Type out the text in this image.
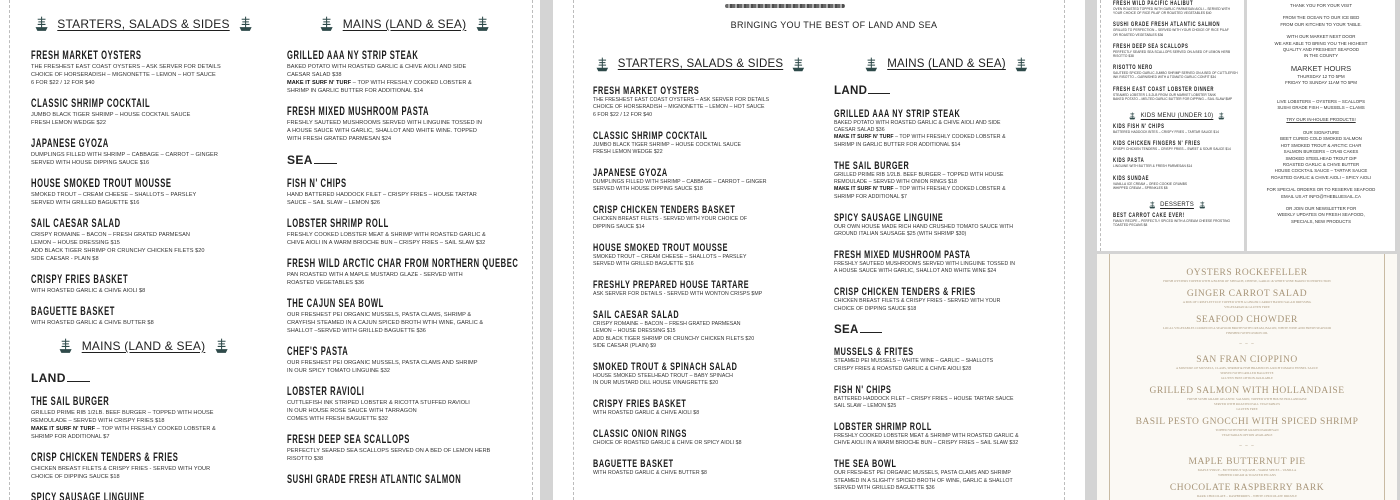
STARTERS, SALADS & SIDES
FRESH MARKET OYSTERS
THE FRESHEST EAST COAST OYSTERS – ASK SERVER FOR DETAILS
CHOICE OF HORSERADISH – MIGNONETTE – LEMON – HOT SAUCE
6 FOR $22 / 12 FOR $40
CLASSIC SHRIMP COCKTAIL
JUMBO BLACK TIGER SHRIMP – HOUSE COCKTAIL SAUCE
FRESH LEMON WEDGE $22
JAPANESE GYOZA
DUMPLINGS FILLED WITH SHRIMP – CABBAGE – CARROT – GINGER
SERVED WITH HOUSE DIPPING SAUCE $16
HOUSE SMOKED TROUT MOUSSE
SMOKED TROUT – CREAM CHEESE – SHALLOTS – PARSLEY
SERVED WITH GRILLED BAGUETTE $16
SAIL CAESAR SALAD
CRISPY ROMAINE – BACON – FRESH GRATED PARMESAN
LEMON – HOUSE DRESSING $15
ADD BLACK TIGER SHRIMP OR CRUNCHY CHICKEN FILETS $20
SIDE CAESAR - PLAIN $8
CRISPY FRIES BASKET
WITH ROASTED GARLIC & CHIVE AIOLI $8
BAGUETTE BASKET
WITH ROASTED GARLIC & CHIVE BUTTER $8
MAINS (LAND & SEA)
LAND
THE SAIL BURGER
GRILLED PRIME RIB 1/2LB. BEEF BURGER – TOPPED WITH HOUSE
REMOULADE – SERVED WITH CRISPY FRIES $18
MAKE IT SURF N' TURF – TOP WITH FRESHLY COOKED LOBSTER &
SHRIMP FOR ADDITIONAL $7
CRISP CHICKEN TENDERS & FRIES
CHICKEN BREAST FILETS & CRISPY FRIES - SERVED WITH YOUR
CHOICE OF DIPPING SAUCE $18
SPICY SAUSAGE LINGUINE
MAINS (LAND & SEA)
GRILLED AAA NY STRIP STEAK
BAKED POTATO WITH ROASTED GARLIC & CHIVE AIOLI AND SIDE
CAESAR SALAD $38
MAKE IT SURF N' TURF – TOP WITH FRESHLY COOKED LOBSTER &
SHRIMP IN GARLIC BUTTER FOR ADDITIONAL $14
FRESH MIXED MUSHROOM PASTA
FRESHLY SAUTEED MUSHROOMS SERVED WITH LINGUINE TOSSED IN
A HOUSE SAUCE WITH GARLIC, SHALLOT AND WHITE WINE. TOPPED
WITH FRESH GRATED PARMESAN $24
SEA
FISH N' CHIPS
HAND BATTERED HADDOCK FILET – CRISPY FRIES – HOUSE TARTAR
SAUCE – SAIL SLAW – LEMON $26
LOBSTER SHRIMP ROLL
FRESHLY COOKED LOBSTER MEAT & SHRIMP WITH ROASTED GARLIC &
CHIVE AIOLI IN A WARM BRIOCHE BUN – CRISPY FRIES – SAIL SLAW $32
FRESH WILD ARCTIC CHAR FROM NORTHERN QUEBEC
PAN ROASTED WITH A MAPLE MUSTARD GLAZE - SERVED WITH
ROASTED VEGETABLES $36
THE CAJUN SEA BOWL
OUR FRESHEST PEI ORGANIC MUSSELS, PASTA CLAMS, SHRIMP &
CRAYFISH STEAMED IN A CAJUN SPICED BROTH WTIH WINE, GARLIC &
SHALLOT –SERVED WITH GRILLED BAGUETTE $36
CHEF'S PASTA
OUR FRESHEST PEI ORGANIC MUSSELS, PASTA CLAMS AND SHRIMP
IN OUR SPICY TOMATO LINGUINE $32
LOBSTER RAVIOLI
CUTTLEFISH INK STRIPED LOBSTER & RICOTTA STUFFED RAVIOLI
IN OUR HOUSE ROSE SAUCE WITH TARRAGON
COMES WITH FRESH BAGUETTE $32
FRESH DEEP SEA SCALLOPS
PERFECTLY SEARED SEA SCALLOPS SERVED ON A BED OF LEMON HERB
RISOTTO $38
SUSHI GRADE FRESH ATLANTIC SALMON
BRINGING YOU THE BEST OF LAND AND SEA
STARTERS, SALADS & SIDES
FRESH MARKET OYSTERS
THE FRESHEST EAST COAST OYSTERS – ASK SERVER FOR DETAILS
CHOICE OF HORSERADISH – MIGNONETTE – LEMON – HOT SAUCE
6 FOR $22 / 12 FOR $40
CLASSIC SHRIMP COCKTAIL
JUMBO BLACK TIGER SHRIMP – HOUSE COCKTAIL SAUCE
FRESH LEMON WEDGE $22
JAPANESE GYOZA
DUMPLINGS FILLED WITH SHRIMP – CABBAGE – CARROT – GINGER
SERVED WITH HOUSE DIPPING SAUCE $18
CRISP CHICKEN TENDERS BASKET
CHICKEN BREAST FILETS - SERVED WITH YOUR CHOICE OF
DIPPING SAUCE $14
HOUSE SMOKED TROUT MOUSSE
SMOKED TROUT – CREAM CHEESE – SHALLOTS – PARSLEY
SERVED WITH GRILLED BAGUETTE $16
FRESHLY PREPARED HOUSE TARTARE
ASK SERVER FOR DETAILS - SERVED WITH WONTON CRISPS $MP
SAIL CAESAR SALAD
CRISPY ROMAINE – BACON – FRESH GRATED PARMESAN
LEMON – HOUSE DRESSING $15
ADD BLACK TIGER SHRIMP OR CRUNCHY CHICKEN FILETS $20
SIDE CAESAR (PLAIN) $9
SMOKED TROUT & SPINACH SALAD
HOUSE SMOKED STEELHEAD TROUT – BABY SPINACH
IN OUR MUSTARD DILL HOUSE VINAIGRETTE $20
CRISPY FRIES BASKET
WITH ROASTED GARLIC & CHIVE AIOLI $8
CLASSIC ONION RINGS
CHOICE OF ROASTED GARLIC & CHIVE OR SPICY AIOLI $8
BAGUETTE BASKET
WITH ROASTED GARLIC & CHIVE BUTTER $8
MAINS (LAND & SEA)
LAND
GRILLED AAA NY STRIP STEAK
BAKED POTATO WITH ROASTED GARLIC & CHIVE AIOLI AND SIDE
CAESAR SALAD $36
MAKE IT SURF N' TURF – TOP WITH FRESHLY COOKED LOBSTER &
SHRIMP IN GARLIC BUTTER FOR ADDITIONAL $14
THE SAIL BURGER
GRILLED PRIME RIB 1/2LB. BEEF BURGER – TOPPED WITH HOUSE
REMOULADE – SERVED WITH ONION RINGS $18
MAKE IT SURF N' TURF – TOP WITH FRESHLY COOKED LOBSTER &
SHRIMP FOR ADDITIONAL $7
SPICY SAUSAGE LINGUINE
OUR OWN HOUSE MADE RICH HAND CRUSHED TOMATO SAUCE WITH
GROUND ITALIAN SAUSAGE $25 (WITH SHRIMP $30)
FRESH MIXED MUSHROOM PASTA
FRESHLY SAUTEED MUSHROOMS SERVED WITH LINGUINE TOSSED IN
A HOUSE SAUCE WITH GARLIC, SHALLOT AND WHITE WINE $24
CRISP CHICKEN TENDERS & FRIES
CHICKEN BREAST FILETS & CRISPY FRIES - SERVED WITH YOUR
CHOICE OF DIPPING SAUCE $18
SEA
MUSSELS & FRITES
STEAMED PEI MUSSELS – WHITE WINE – GARLIC – SHALLOTS
CRISPY FRIES & ROASTED GARLIC & CHIVE AIOLI $28
FISH N' CHIPS
BATTERED HADDOCK FILET – CRISPY FRIES – HOUSE TARTAR SAUCE
SAIL SLAW – LEMON $25
LOBSTER SHRIMP ROLL
FRESHLY COOKED LOBSTER MEAT & SHRIMP WITH ROASTED GARLIC &
CHIVE AIOLI IN A WARM BRIOCHE BUN – CRISPY FRIES – SAIL SLAW $32
THE SEA BOWL
OUR FRESHEST PEI ORGANIC MUSSELS, PASTA CLAMS AND SHRIMP
STEAMED IN A SLIGHTY SPICED BROTH OF WINE, GARLIC & SHALLOT
SERVED WITH GRILLED BAGUETTE $36
FRESH WILD PACIFIC HALIBUT
OVEN ROASTED TOPPED WITH GARLIC PARMESAN AIOLI – SERVED WITH
YOUR CHOICE OF RICE PILAF OR ROASTED VEGETABLES $40
SUSHI GRADE FRESH ATLANTIC SALMON
GRILLED TO PERFECTION – SERVED WITH YOUR CHOICE OF RICE PILAF
OR ROASTED VEGETABLES $36
FRESH DEEP SEA SCALLOPS
PERFECTLY SEARED SEA SCALLOPS SERVED ON A BED OF LEMON HERB
RISOTTO $38
RISOTTO NERO
SAUTEED SPICED GARLIC JUMBO SHRIMP SERVED ON A BED OF CUTTLEFISH
INK RISOTTO – GARNISHED WITH A TOMATO GARLIC CONFIT $34
FRESH EAST COAST LOBSTER DINNER
STEAMED LOBSTER 1.5-2LB FROM OUR MARKET LOBSTER TANK
BAKED POTATO – MELTED GARLIC BUTTER FOR DIPPING – SAIL SLAW $MP
KIDS MENU (UNDER 10)
KIDS FISH N' CHIPS
BATTERED HADDOCK BITES – CRISPY FRIES – TARTAR SAUCE $14
KIDS CHICKEN FINGERS N' FRIES
CRISPY CHICKEN TENDERS – CRISPY FRIES – SWEET & SOUR SAUCE $14
KIDS PASTA
LINGUINE WITH BUTTER & FRESH PARMESAN $14
KIDS SUNDAE
VANILLA ICE CREAM – OREO COOKIE CRUMBS
WHIPPED CREAM – SPRINKLES $8
DESSERTS
BEST CARROT CAKE EVER!
FAMILY RECIPE – PERFECTLY SPICED WITH A CREAM CHEESE FROSTING
TOASTED PECANS $8
THANK YOU FOR YOUR VISIT
FROM THE OCEAN TO OUR ICE BED
FROM OUR KITCHEN TO YOUR TABLE.
WITH OUR MARKET NEXT DOOR
WE ARE ABLE TO BRING YOU THE HIGHEST
QUALITY AND FRESHEST SEAFOOD
IN THE COUNTY
MARKET HOURS
THURSDAY 12 TO 5PM
FRIDAY TO SUNDAY 11AM TO 5PM
LIVE LOBSTERS – OYSTERS – SCALLOPS
SUSHI GRADE FISH – MUSSELS – CLAMS
TRY OUR IN-HOUSE PRODUCTS!
OUR SIGNATURE
BEET CURED COLD SMOKED SALMON
HOT SMOKED TROUT & ARCTIC CHAR
SALMON BURGERS – CRAB CAKES
SMOKED STEELHEAD TROUT DIP
ROASTED GARLIC & CHIVE BUTTER
HOUSE COCKTAIL SAUCE – TARTAR SAUCE
ROASTED GARLIC & CHIVE AIOLI – SPICY AIOLI
FOR SPECIAL ORDERS OR TO RESERVE SEAFOOD
EMAIL US AT INFO@THEBLUESAIL.CA
OR JOIN OUR NEWSLETTER FOR
WEEKLY UPDATES ON FRESH SEAFOOD,
SPECIALS, NEW PRODUCTS
OYSTERS ROCKEFELLER
FRESH OYSTERS TOPPED WITH A BLEND OF SPINACH, CHEESE, GARLIC & WHITE WINE BAKED TO PERFECTION
GINGER CARROT SALAD
A MIX OF CRISP LETTUCE TOPPED WITH A GINGER CARROT BASED SALAD DRESSING
VEGETARIAN & GLUTEN FREE
SEAFOOD CHOWDER
LOCAL VEGETABLES COOKED IN A SEAFOOD BROTH WITH CREAM, BACON, WHITE WINE AND FRESH SEAFOOD
FINISHED WITH LEMON OIL
~ ~ ~
SAN FRAN CIOPPINO
A MIXTURE OF MUSSELS, CLAMS, SHRIMP & FISH BRAISED IN A RICH TOMATO FENNEL SAUCE
SERVED WITH GRILLED BAGUETTE
GLUTEN FREE OPTION AVAILABLE
GRILLED SALMON WITH HOLLANDAISE
FRESH SUSHI GRADE ATLANTIC SALMON, TOPPED WITH HOUSE HOLLANDAISE
SERVED WITH ROASTED FALL VEGETABLES
GLUTEN FREE
BASIL PESTO GNOCCHI WITH SPICED SHRIMP
TOPPED WITH FRESH GRATED PARMESAN
VEGETARIAN OPTION AVAILABLE
~ ~ ~
MAPLE BUTTERNUT PIE
MAPLE SYRUP – BUTTERNUT SQUASH – WARM SPICES – VANILLA
WHIPPED CREAM & TOASTED PECANS
CHOCOLATE RASPBERRY BARK
DARK CHOCOLATE – RASPBERRIES – WHITE CHOCOLATE DRIZZLE
